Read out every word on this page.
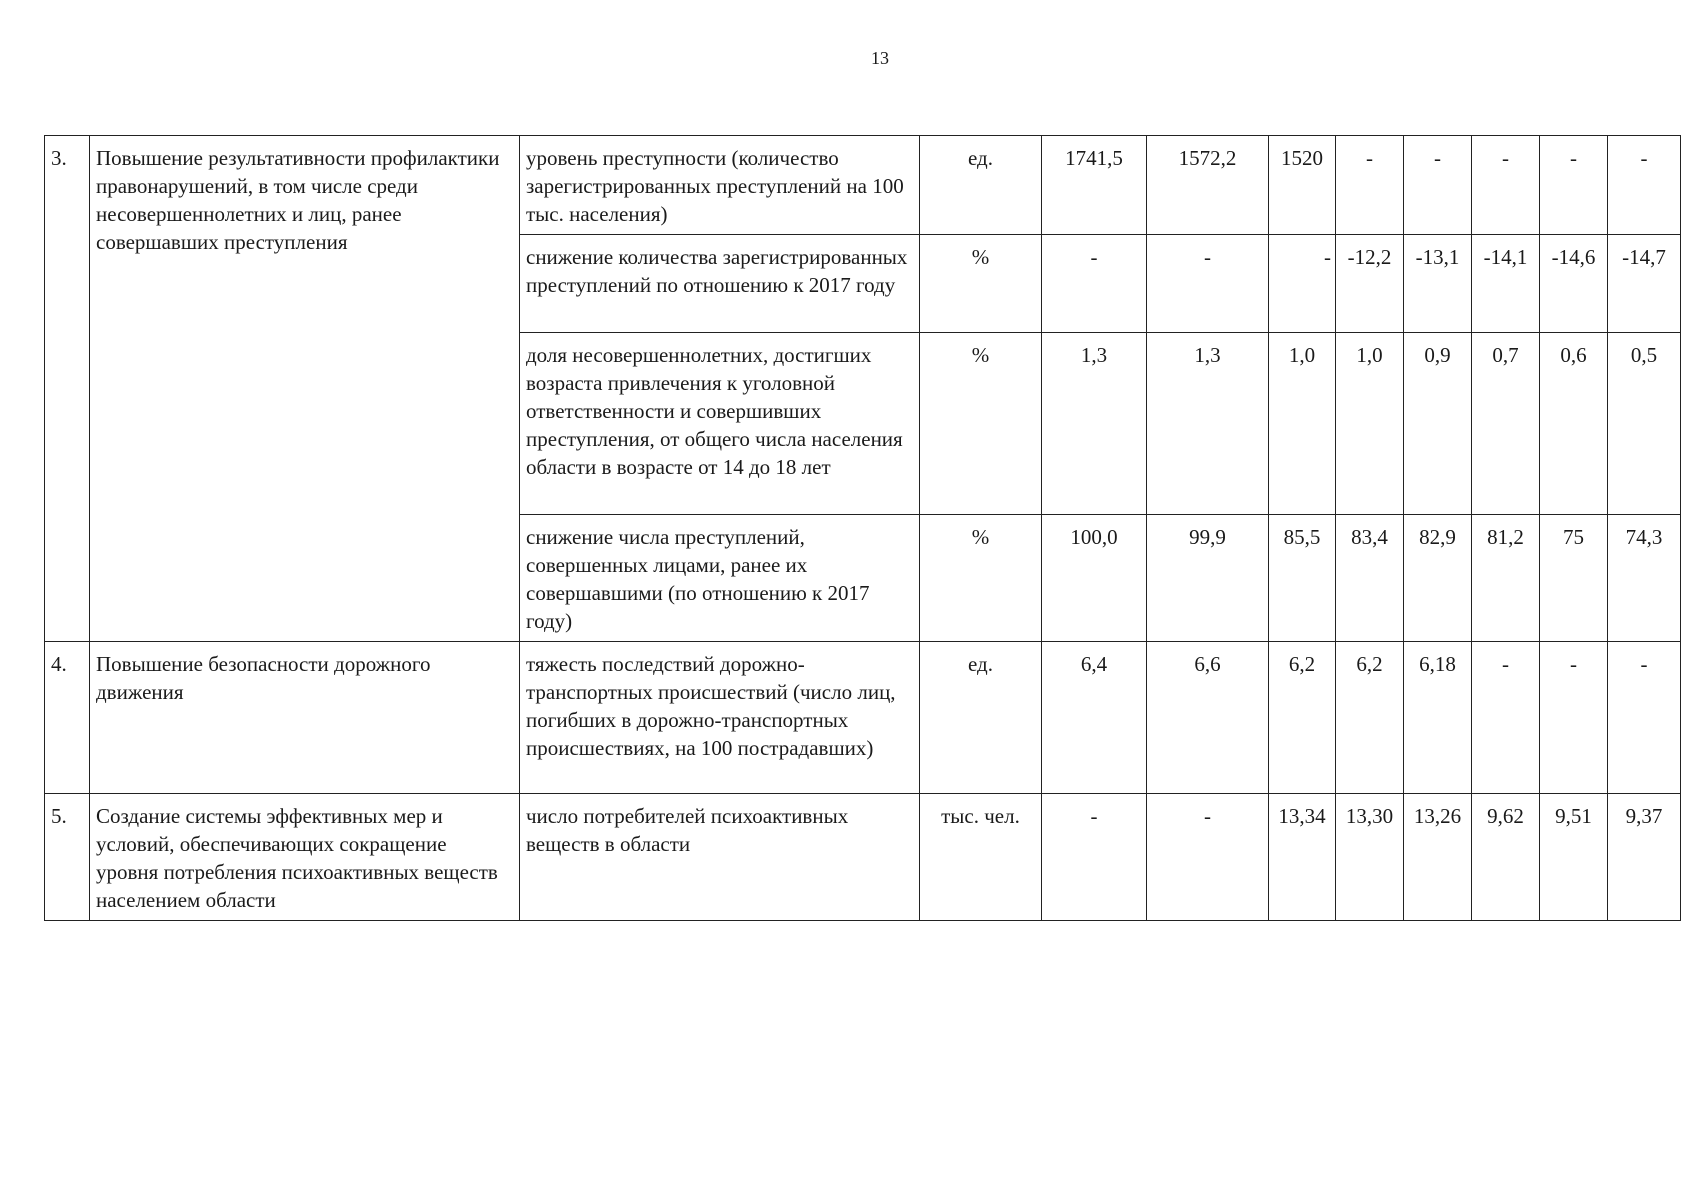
13
3.	Повышение результативности профилактики правонарушений, в том числе среди несовершеннолетних и лиц, ранее совершавших преступления	уровень преступности (количество зарегистрированных преступлений на 100 тыс. населения)	ед.	1741,5	1572,2	1520	-	-	-	-	-
		снижение количества зарегистрированных преступлений по отношению к 2017 году	%	-	-	-	-12,2	-13,1	-14,1	-14,6	-14,7
		доля несовершеннолетних, достигших возраста привлечения к уголовной ответственности и совершивших преступления, от общего числа населения области в возрасте от 14 до 18 лет	%	1,3	1,3	1,0	1,0	0,9	0,7	0,6	0,5
		снижение числа преступлений, совершенных лицами, ранее их совершавшими (по отношению к 2017 году)	%	100,0	99,9	85,5	83,4	82,9	81,2	75	74,3
4.	Повышение безопасности дорожного движения	тяжесть последствий дорожно-транспортных происшествий (число лиц, погибших в дорожно-транспортных происшествиях, на 100 пострадавших)	ед.	6,4	6,6	6,2	6,2	6,18	-	-	-
5.	Создание системы эффективных мер и условий, обеспечивающих сокращение уровня потребления психоактивных веществ населением области	число потребителей психоактивных веществ в области	тыс. чел.	-	-	13,34	13,30	13,26	9,62	9,51	9,37
